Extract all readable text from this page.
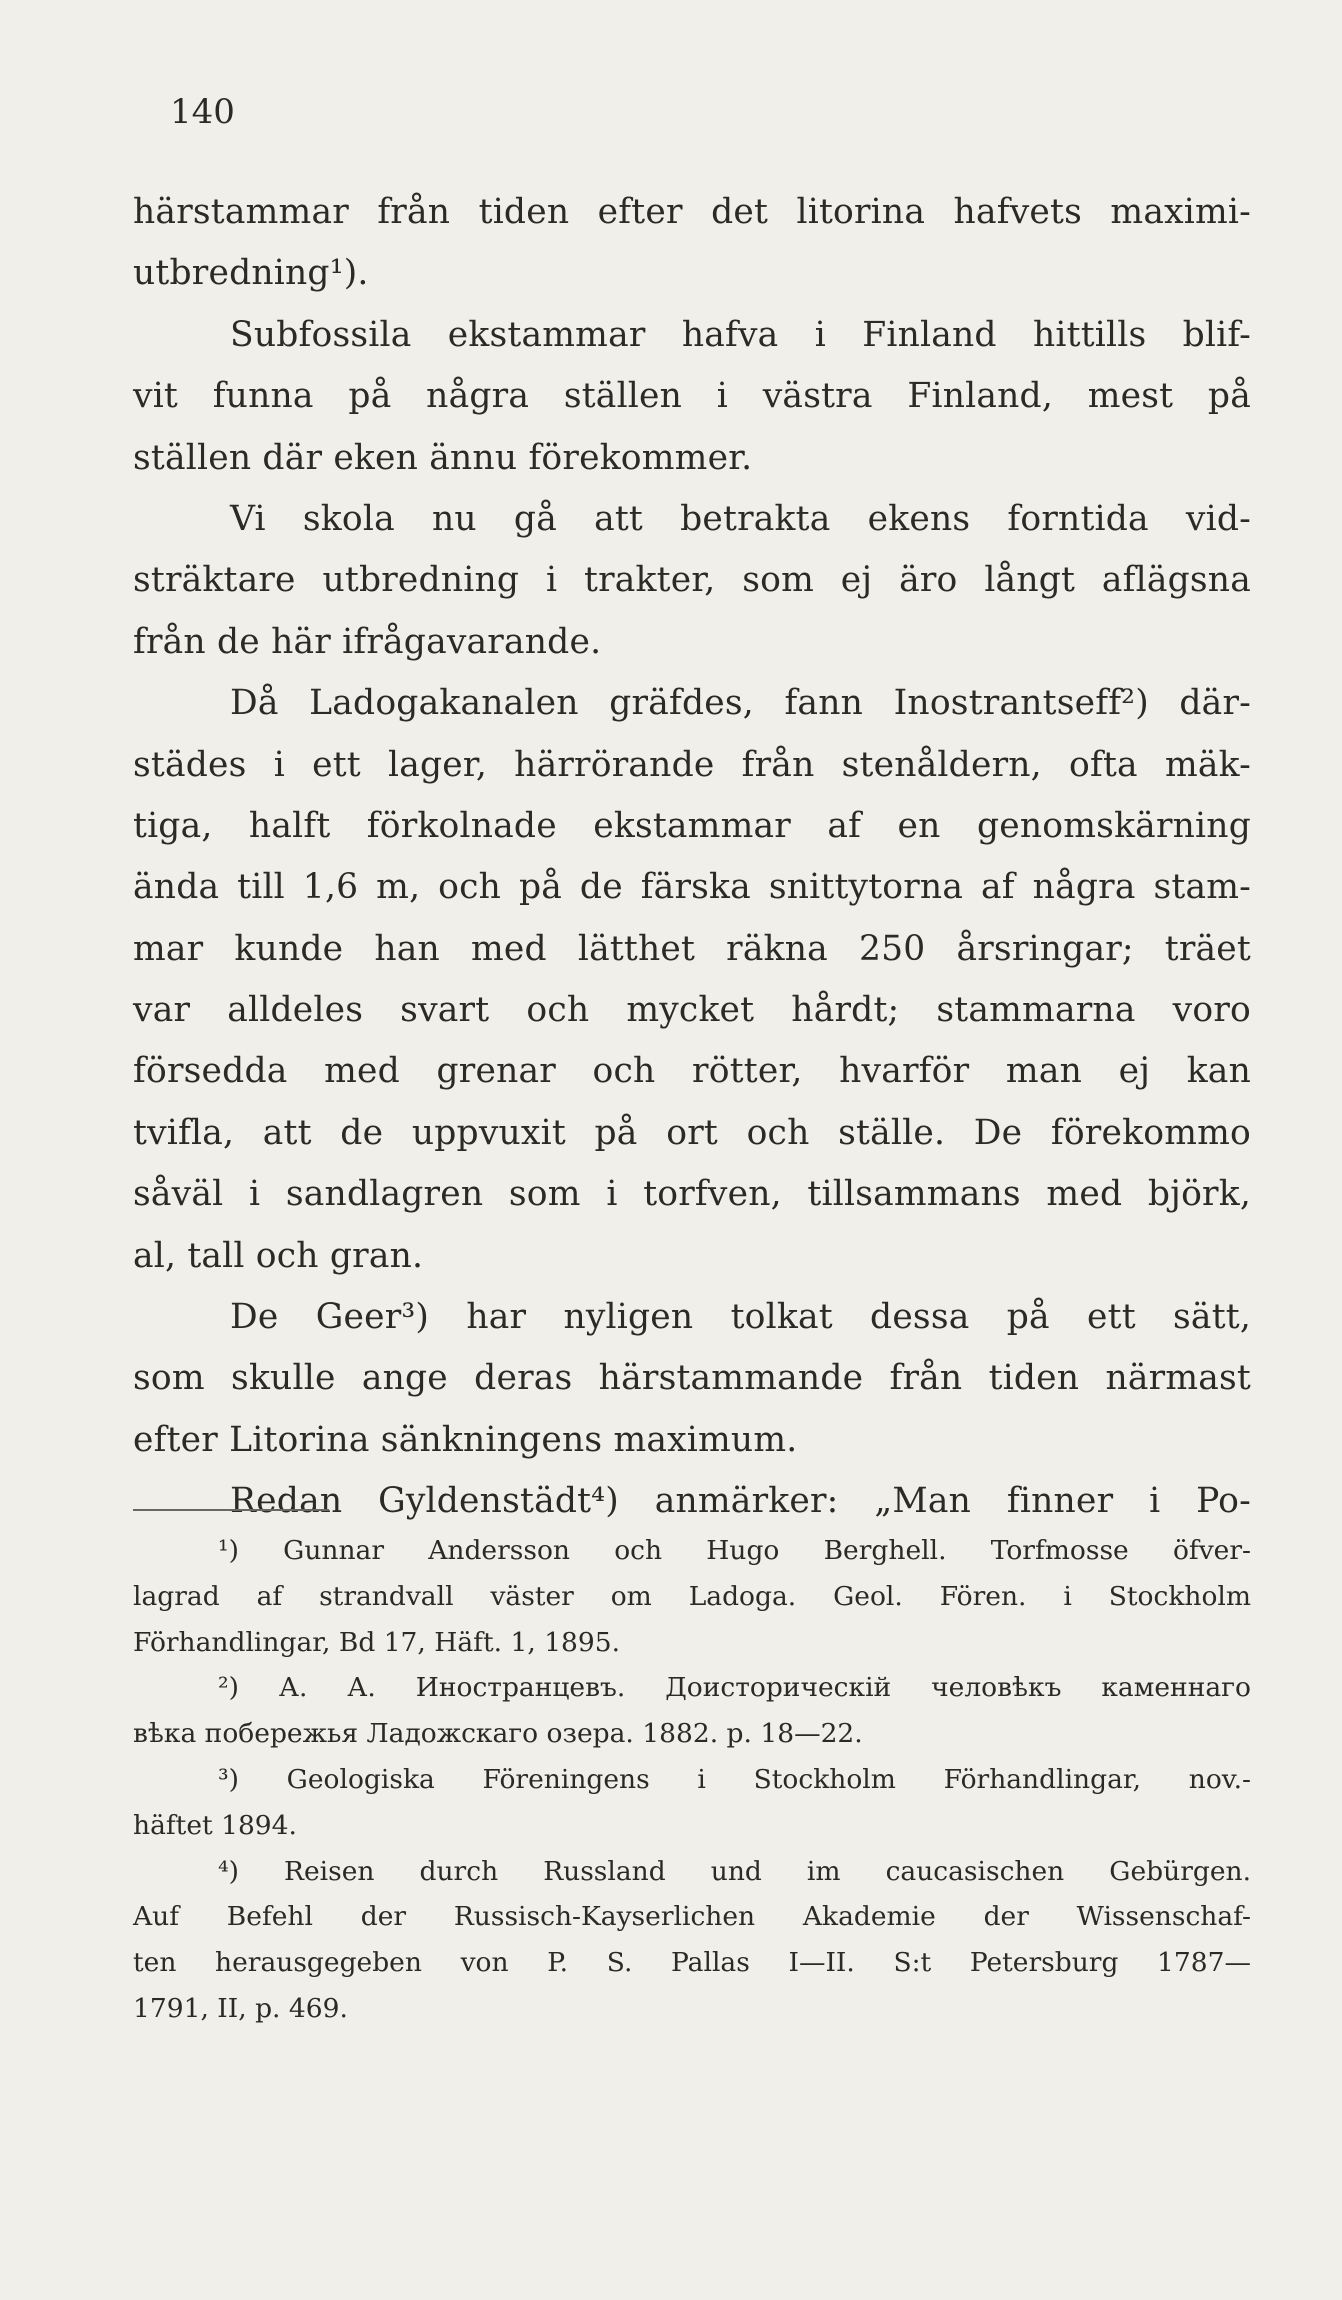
140
härstammar från tiden efter det litorina hafvets maximi-
utbredning¹).
Subfossila ekstammar hafva i Finland hittills blif-
vit funna på några ställen i västra Finland, mest på
ställen där eken ännu förekommer.
Vi skola nu gå att betrakta ekens forntida vid-
sträktare utbredning i trakter, som ej äro långt aflägsna
från de här ifrågavarande.
Då Ladogakanalen gräfdes, fann Inostrantseff²) där-
städes i ett lager, härrörande från stenåldern, ofta mäk-
tiga, halft förkolnade ekstammar af en genomskärning
ända till 1,6 m, och på de färska snittytorna af några stam-
mar kunde han med lätthet räkna 250 årsringar; träet
var alldeles svart och mycket hårdt; stammarna voro
försedda med grenar och rötter, hvarför man ej kan
tvifla, att de uppvuxit på ort och ställe. De förekommo
såväl i sandlagren som i torfven, tillsammans med björk,
al, tall och gran.
De Geer³) har nyligen tolkat dessa på ett sätt,
som skulle ange deras härstammande från tiden närmast
efter Litorina sänkningens maximum.
Redan Gyldenstädt⁴) anmärker: „Man finner i Po-
¹) Gunnar Andersson och Hugo Berghell. Torfmosse öfver-
lagrad af strandvall väster om Ladoga. Geol. Fören. i Stockholm
Förhandlingar, Bd 17, Häft. 1, 1895.
²) А. А. Иностранцевъ. Доисторическiй человѣкъ каменнаго
вѣка побережья Ладожскаго озера. 1882. p. 18—22.
³) Geologiska Föreningens i Stockholm Förhandlingar, nov.-
häftet 1894.
⁴) Reisen durch Russland und im caucasischen Gebürgen.
Auf Befehl der Russisch-Kayserlichen Akademie der Wissenschaf-
ten herausgegeben von P. S. Pallas I—II. S:t Petersburg 1787—
1791, II, p. 469.
